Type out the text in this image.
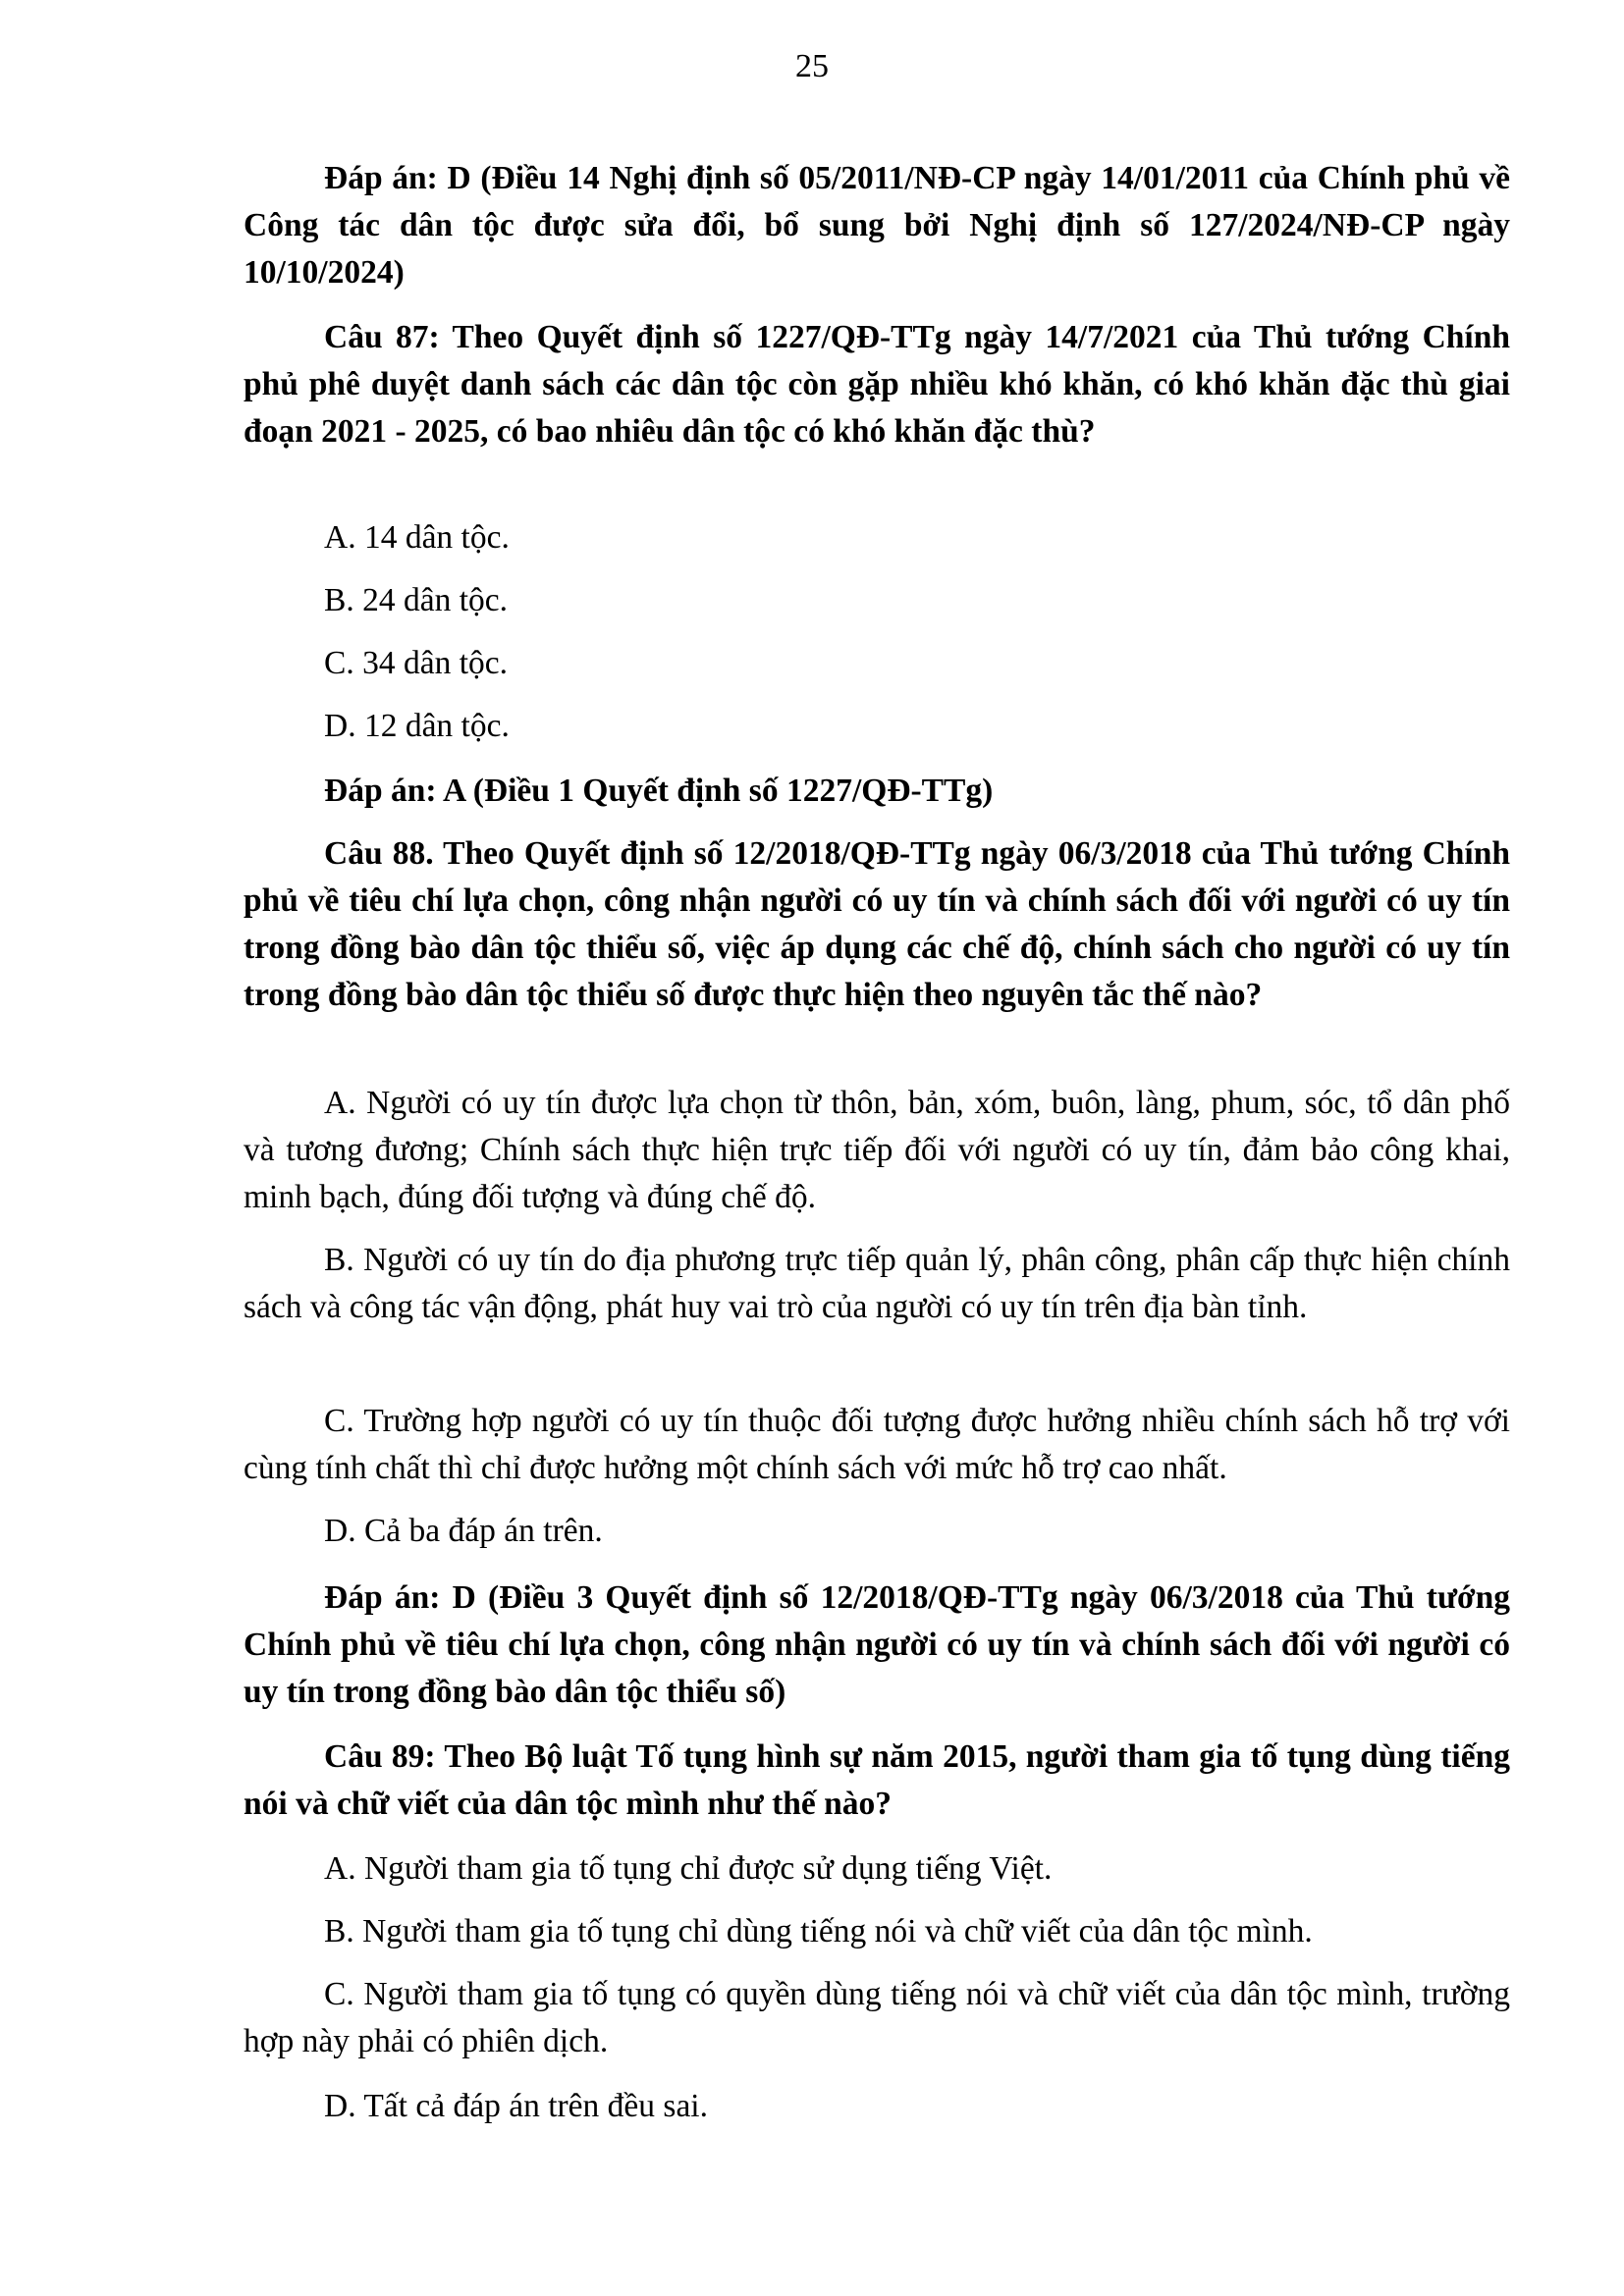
25
Đáp án: D (Điều 14 Nghị định số 05/2011/NĐ-CP ngày 14/01/2011 của Chính phủ về Công tác dân tộc được sửa đổi, bổ sung bởi Nghị định số 127/2024/NĐ-CP ngày 10/10/2024)
Câu 87: Theo Quyết định số 1227/QĐ-TTg ngày 14/7/2021 của Thủ tướng Chính phủ phê duyệt danh sách các dân tộc còn gặp nhiều khó khăn, có khó khăn đặc thù giai đoạn 2021 - 2025, có bao nhiêu dân tộc có khó khăn đặc thù?
A. 14 dân tộc.
B. 24 dân tộc.
C. 34 dân tộc.
D. 12 dân tộc.
Đáp án: A (Điều 1 Quyết định số 1227/QĐ-TTg)
Câu 88. Theo Quyết định số 12/2018/QĐ-TTg ngày 06/3/2018 của Thủ tướng Chính phủ về tiêu chí lựa chọn, công nhận người có uy tín và chính sách đối với người có uy tín trong đồng bào dân tộc thiểu số, việc áp dụng các chế độ, chính sách cho người có uy tín trong đồng bào dân tộc thiểu số được thực hiện theo nguyên tắc thế nào?
A. Người có uy tín được lựa chọn từ thôn, bản, xóm, buôn, làng, phum, sóc, tổ dân phố và tương đương; Chính sách thực hiện trực tiếp đối với người có uy tín, đảm bảo công khai, minh bạch, đúng đối tượng và đúng chế độ.
B. Người có uy tín do địa phương trực tiếp quản lý, phân công, phân cấp thực hiện chính sách và công tác vận động, phát huy vai trò của người có uy tín trên địa bàn tỉnh.
C. Trường hợp người có uy tín thuộc đối tượng được hưởng nhiều chính sách hỗ trợ với cùng tính chất thì chỉ được hưởng một chính sách với mức hỗ trợ cao nhất.
D. Cả ba đáp án trên.
Đáp án: D (Điều 3 Quyết định số 12/2018/QĐ-TTg ngày 06/3/2018 của Thủ tướng Chính phủ về tiêu chí lựa chọn, công nhận người có uy tín và chính sách đối với người có uy tín trong đồng bào dân tộc thiểu số)
Câu 89: Theo Bộ luật Tố tụng hình sự năm 2015, người tham gia tố tụng dùng tiếng nói và chữ viết của dân tộc mình như thế nào?
A. Người tham gia tố tụng chỉ được sử dụng tiếng Việt.
B. Người tham gia tố tụng chỉ dùng tiếng nói và chữ viết của dân tộc mình.
C. Người tham gia tố tụng có quyền dùng tiếng nói và chữ viết của dân tộc mình, trường hợp này phải có phiên dịch.
D. Tất cả đáp án trên đều sai.
